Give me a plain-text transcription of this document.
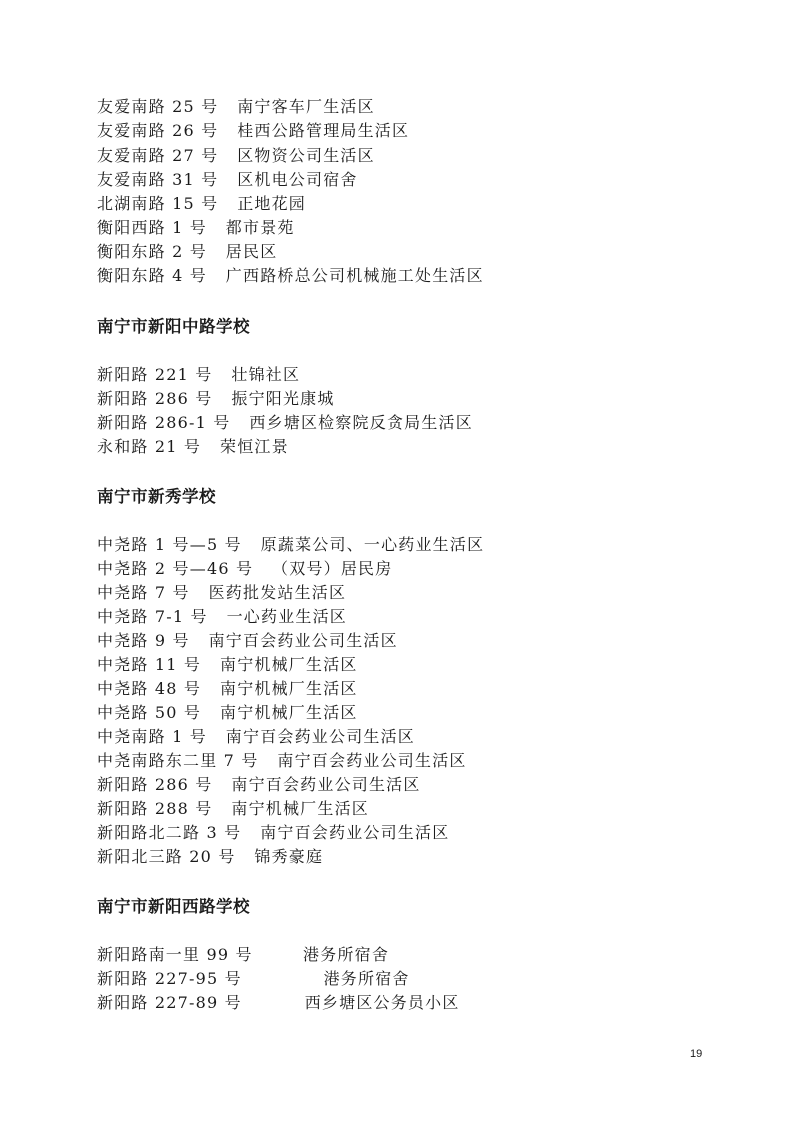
友爱南路 25 号   南宁客车厂生活区
友爱南路 26 号   桂西公路管理局生活区
友爱南路 27 号   区物资公司生活区
友爱南路 31 号   区机电公司宿舍
北湖南路 15 号   正地花园
衡阳西路 1 号   都市景苑
衡阳东路 2 号   居民区
衡阳东路 4 号   广西路桥总公司机械施工处生活区
南宁市新阳中路学校
新阳路 221 号   壮锦社区
新阳路 286 号   振宁阳光康城
新阳路 286-1 号   西乡塘区检察院反贪局生活区
永和路 21 号   荣恒江景
南宁市新秀学校
中尧路 1 号—5 号   原蔬菜公司、一心药业生活区
中尧路 2 号—46 号   （双号）居民房
中尧路 7 号   医药批发站生活区
中尧路 7-1 号   一心药业生活区
中尧路 9 号   南宁百会药业公司生活区
中尧路 11 号   南宁机械厂生活区
中尧路 48 号   南宁机械厂生活区
中尧路 50 号   南宁机械厂生活区
中尧南路 1 号   南宁百会药业公司生活区
中尧南路东二里 7 号   南宁百会药业公司生活区
新阳路 286 号   南宁百会药业公司生活区
新阳路 288 号   南宁机械厂生活区
新阳路北二路 3 号   南宁百会药业公司生活区
新阳北三路 20 号   锦秀豪庭
南宁市新阳西路学校
新阳路南一里 99 号        港务所宿舍
新阳路 227-95 号             港务所宿舍
新阳路 227-89 号          西乡塘区公务员小区
19
